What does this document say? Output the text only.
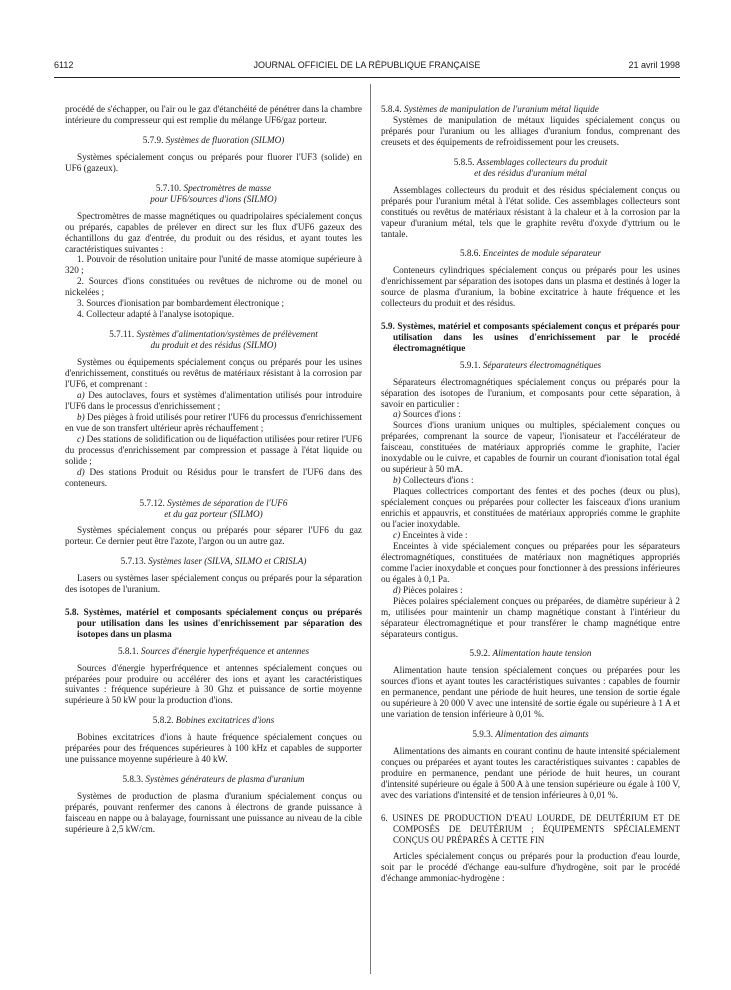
6112	JOURNAL OFFICIEL DE LA RÉPUBLIQUE FRANÇAISE	21 avril 1998

procédé de s'échapper, ou l'air ou le gaz d'étanchéité de pénétrer dans la chambre intérieure du compresseur qui est remplie du mélange UF6/gaz porteur.

5.7.9. Systèmes de fluoration (SILMO)

Systèmes spécialement conçus ou préparés pour fluorer l'UF3 (solide) en UF6 (gazeux).

5.7.10. Spectromètres de masse
pour UF6/sources d'ions (SILMO)

Spectromètres de masse magnétiques ou quadripolaires spécialement conçus ou préparés, capables de prélever en direct sur les flux d'UF6 gazeux des échantillons du gaz d'entrée, du produit ou des résidus, et ayant toutes les caractéristiques suivantes :

1. Pouvoir de résolution unitaire pour l'unité de masse atomique supérieure à 320 ;

2. Sources d'ions constituées ou revêtues de nichrome ou de monel ou nickelées ;

3. Sources d'ionisation par bombardement électronique ;

4. Collecteur adapté à l'analyse isotopique.

5.7.11. Systèmes d'alimentation/systèmes de prélèvement
du produit et des résidus (SILMO)

Systèmes ou équipements spécialement conçus ou préparés pour les usines d'enrichissement, constitués ou revêtus de matériaux résistant à la corrosion par l'UF6, et comprenant :

a) Des autoclaves, fours et systèmes d'alimentation utilisés pour introduire l'UF6 dans le processus d'enrichissement ;

b) Des pièges à froid utilisés pour retirer l'UF6 du processus d'enrichissement en vue de son transfert ultérieur après réchauffement ;

c) Des stations de solidification ou de liquéfaction utilisées pour retirer l'UF6 du processus d'enrichissement par compression et passage à l'état liquide ou solide ;

d) Des stations Produit ou Résidus pour le transfert de l'UF6 dans des conteneurs.

5.7.12. Systèmes de séparation de l'UF6
et du gaz porteur (SILMO)

Systèmes spécialement conçus ou préparés pour séparer l'UF6 du gaz porteur. Ce dernier peut être l'azote, l'argon ou un autre gaz.

5.7.13. Systèmes laser (SILVA, SILMO et CRISLA)

Lasers ou systèmes laser spécialement conçus ou préparés pour la séparation des isotopes de l'uranium.

5.8. Systèmes, matériel et composants spécialement conçus ou préparés pour utilisation dans les usines d'enrichissement par séparation des isotopes dans un plasma
5.8.1. Sources d'énergie hyperfréquence et antennes

Sources d'énergie hyperfréquence et antennes spécialement conçues ou préparées pour produire ou accélérer des ions et ayant les caractéristiques suivantes : fréquence supérieure à 30 Ghz et puissance de sortie moyenne supérieure à 50 kW pour la production d'ions.

5.8.2. Bobines excitatrices d'ions

Bobines excitatrices d'ions à haute fréquence spécialement conçues ou préparées pour des fréquences supérieures à 100 kHz et capables de supporter une puissance moyenne supérieure à 40 kW.

5.8.3. Systèmes générateurs de plasma d'uranium

Systèmes de production de plasma d'uranium spécialement conçus ou préparés, pouvant renfermer des canons à électrons de grande puissance à faisceau en nappe ou à balayage, fournissant une puissance au niveau de la cible supérieure à 2,5 kW/cm.

5.8.4. Systèmes de manipulation de l'uranium métal liquide

Systèmes de manipulation de métaux liquides spécialement conçus ou préparés pour l'uranium ou les alliages d'uranium fondus, comprenant des creusets et des équipements de refroidissement pour les creusets.

5.8.5. Assemblages collecteurs du produit
et des résidus d'uranium métal

Assemblages collecteurs du produit et des résidus spécialement conçus ou préparés pour l'uranium métal à l'état solide. Ces assemblages collecteurs sont constitués ou revêtus de matériaux résistant à la chaleur et à la corrosion par la vapeur d'uranium métal, tels que le graphite revêtu d'oxyde d'yttrium ou le tantale.

5.8.6. Enceintes de module séparateur

Conteneurs cylindriques spécialement conçus ou préparés pour les usines d'enrichissement par séparation des isotopes dans un plasma et destinés à loger la source de plasma d'uranium, la bobine excitatrice à haute fréquence et les collecteurs du produit et des résidus.

5.9. Systèmes, matériel et composants spécialement conçus et préparés pour utilisation dans les usines d'enrichissement par le procédé électromagnétique
5.9.1. Séparateurs électromagnétiques

Séparateurs électromagnétiques spécialement conçus ou préparés pour la séparation des isotopes de l'uranium, et composants pour cette séparation, à savoir en particulier :

a) Sources d'ions :

Sources d'ions uranium uniques ou multiples, spécialement conçues ou préparées, comprenant la source de vapeur, l'ionisateur et l'accélérateur de faisceau, constituées de matériaux appropriés comme le graphite, l'acier inoxydable ou le cuivre, et capables de fournir un courant d'ionisation total égal ou supérieur à 50 mA.

b) Collecteurs d'ions :

Plaques collectrices comportant des fentes et des poches (deux ou plus), spécialement conçues ou préparées pour collecter les faisceaux d'ions uranium enrichis et appauvris, et constituées de matériaux appropriés comme le graphite ou l'acier inoxydable.

c) Enceintes à vide :

Enceintes à vide spécialement conçues ou préparées pour les séparateurs électromagnétiques, constituées de matériaux non magnétiques appropriés comme l'acier inoxydable et conçues pour fonctionner à des pressions inférieures ou égales à 0,1 Pa.

d) Pièces polaires :

Pièces polaires spécialement conçues ou préparées, de diamètre supérieur à 2 m, utilisées pour maintenir un champ magnétique constant à l'intérieur du séparateur électromagnétique et pour transférer le champ magnétique entre séparateurs contigus.

5.9.2. Alimentation haute tension

Alimentation haute tension spécialement conçues ou préparées pour les sources d'ions et ayant toutes les caractéristiques suivantes : capables de fournir en permanence, pendant une période de huit heures, une tension de sortie égale ou supérieure à 20 000 V avec une intensité de sortie égale ou supérieure à 1 A et une variation de tension inférieure à 0,01 %.

5.9.3. Alimentation des aimants

Alimentations des aimants en courant continu de haute intensité spécialement conçues ou préparées et ayant toutes les caractéristiques suivantes : capables de produire en permanence, pendant une période de huit heures, un courant d'intensité supérieure ou égale à 500 A à une tension supérieure ou égale à 100 V, avec des variations d'intensité et de tension inférieures à 0,01 %.

6. USINES DE PRODUCTION D'EAU LOURDE, DE DEUTÉRIUM ET DE COMPOSÉS DE DEUTÉRIUM ; ÉQUIPEMENTS SPÉCIALEMENT CONÇUS OU PRÉPARÉS À CETTE FIN

Articles spécialement conçus ou préparés pour la production d'eau lourde, soit par le procédé d'échange eau-sulfure d'hydrogène, soit par le procédé d'échange ammoniac-hydrogène :
